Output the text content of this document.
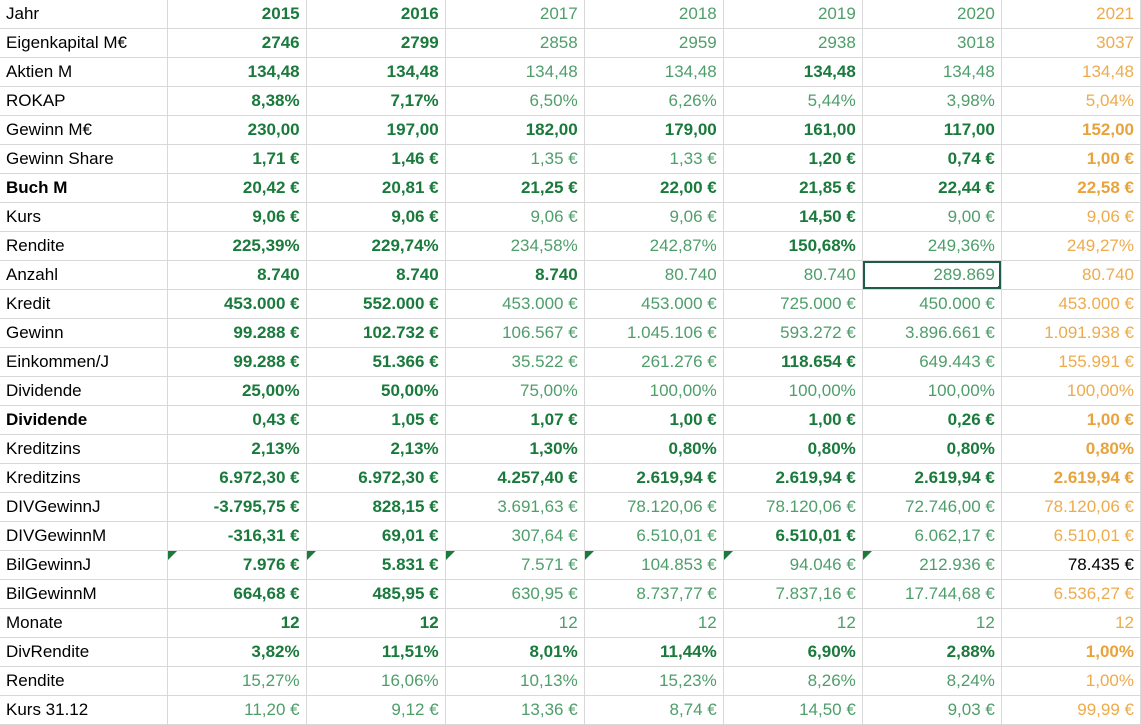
Jahr	2015	2016	2017	2018	2019	2020	2021
Eigenkapital M€	2746	2799	2858	2959	2938	3018	3037
Aktien M	134,48	134,48	134,48	134,48	134,48	134,48	134,48
ROKAP	8,38%	7,17%	6,50%	6,26%	5,44%	3,98%	5,04%
Gewinn M€	230,00	197,00	182,00	179,00	161,00	117,00	152,00
Gewinn Share	1,71 €	1,46 €	1,35 €	1,33 €	1,20 €	0,74 €	1,00 €
Buch M	20,42 €	20,81 €	21,25 €	22,00 €	21,85 €	22,44 €	22,58 €
Kurs	9,06 €	9,06 €	9,06 €	9,06 €	14,50 €	9,00 €	9,06 €
Rendite	225,39%	229,74%	234,58%	242,87%	150,68%	249,36%	249,27%
Anzahl	8.740	8.740	8.740	80.740	80.740	289.869	80.740
Kredit	453.000 €	552.000 €	453.000 €	453.000 €	725.000 €	450.000 €	453.000 €
Gewinn	99.288 €	102.732 €	106.567 €	1.045.106 €	593.272 €	3.896.661 €	1.091.938 €
Einkommen/J	99.288 €	51.366 €	35.522 €	261.276 €	118.654 €	649.443 €	155.991 €
Dividende	25,00%	50,00%	75,00%	100,00%	100,00%	100,00%	100,00%
Dividende	0,43 €	1,05 €	1,07 €	1,00 €	1,00 €	0,26 €	1,00 €
Kreditzins	2,13%	2,13%	1,30%	0,80%	0,80%	0,80%	0,80%
Kreditzins	6.972,30 €	6.972,30 €	4.257,40 €	2.619,94 €	2.619,94 €	2.619,94 €	2.619,94 €
DIVGewinnJ	-3.795,75 €	828,15 €	3.691,63 €	78.120,06 €	78.120,06 €	72.746,00 €	78.120,06 €
DIVGewinnM	-316,31 €	69,01 €	307,64 €	6.510,01 €	6.510,01 €	6.062,17 €	6.510,01 €
BilGewinnJ	7.976 €	5.831 €	7.571 €	104.853 €	94.046 €	212.936 €	78.435 €
BilGewinnM	664,68 €	485,95 €	630,95 €	8.737,77 €	7.837,16 €	17.744,68 €	6.536,27 €
Monate	12	12	12	12	12	12	12
DivRendite	3,82%	11,51%	8,01%	11,44%	6,90%	2,88%	1,00%
Rendite	15,27%	16,06%	10,13%	15,23%	8,26%	8,24%	1,00%
Kurs 31.12	11,20 €	9,12 €	13,36 €	8,74 €	14,50 €	9,03 €	99,99 €
